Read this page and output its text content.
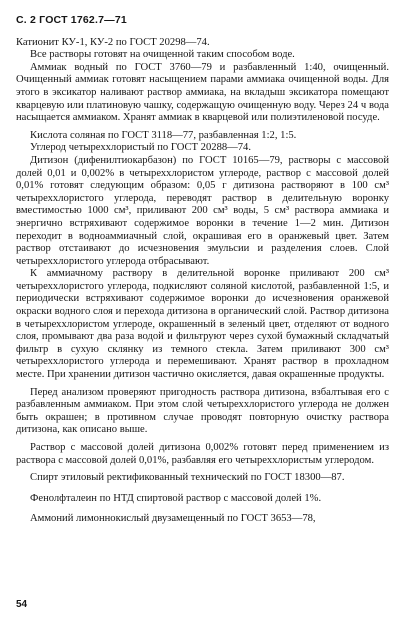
С. 2 ГОСТ 1762.7—71

Катионит КУ-1, КУ-2 по ГОСТ 20298—74.

Все растворы готовят на очищенной таким способом воде.

Аммиак водный по ГОСТ 3760—79 и разбавленный 1:40, очищенный. Очищенный аммиак готовят насыщением парами аммиака очищенной воды. Для этого в эксикатор наливают раствор аммиака, на вкладыш эксикатора помещают кварцевую или платиновую чашку, содержащую очищенную воду. Через 24 ч вода насыщается аммиаком. Хранят аммиак в кварцевой или полиэтиленовой посуде.

Кислота соляная по ГОСТ 3118—77, разбавленная 1:2, 1:5.

Углерод четыреххлористый по ГОСТ 20288—74.

Дитизон (дифенилтиокарбазон) по ГОСТ 10165—79, растворы с массовой долей 0,01 и 0,002% в четыреххлористом углероде, раствор с массовой долей 0,01% готовят следующим образом: 0,05 г дитизона растворяют в 100 см³ четыреххлористого углерода, переводят раствор в делительную воронку вместимостью 1000 см³, приливают 200 см³ воды, 5 см³ раствора аммиака и энергично встряхивают содержимое воронки в течение 1—2 мин. Дитизон переходит в водноаммиачный слой, окрашивая его в оранжевый цвет. Затем раствор отстаивают до исчезновения эмульсии и разделения слоев. Слой четыреххлористого углерода отбрасывают.

К аммиачному раствору в делительной воронке приливают 200 см³ четыреххлористого углерода, подкисляют соляной кислотой, разбавленной 1:5, и периодически встряхивают содержимое воронки до исчезновения оранжевой окраски водного слоя и перехода дитизона в органический слой. Раствор дитизона в четыреххлористом углероде, окрашенный в зеленый цвет, отделяют от водного слоя, промывают два раза водой и фильтруют через сухой бумажный складчатый фильтр в сухую склянку из темного стекла. Затем приливают 300 см³ четыреххлористого углерода и перемешивают. Хранят раствор в прохладном месте. При хранении дитизон частично окисляется, давая окрашенные продукты.

Перед анализом проверяют пригодность раствора дитизона, взбалтывая его с разбавленным аммиаком. При этом слой четыреххлористого углерода не должен быть окрашен; в противном случае проводят повторную очистку раствора дитизона, как описано выше.

Раствор с массовой долей дитизона 0,002% готовят перед применением из раствора с массовой долей 0,01%, разбавляя его четыреххлористым углеродом.

Спирт этиловый ректификованный технический по ГОСТ 18300—87.

Фенолфталеин по НТД спиртовой раствор с массовой долей 1%.

Аммоний лимоннокислый двузамещенный по ГОСТ 3653—78,

54
